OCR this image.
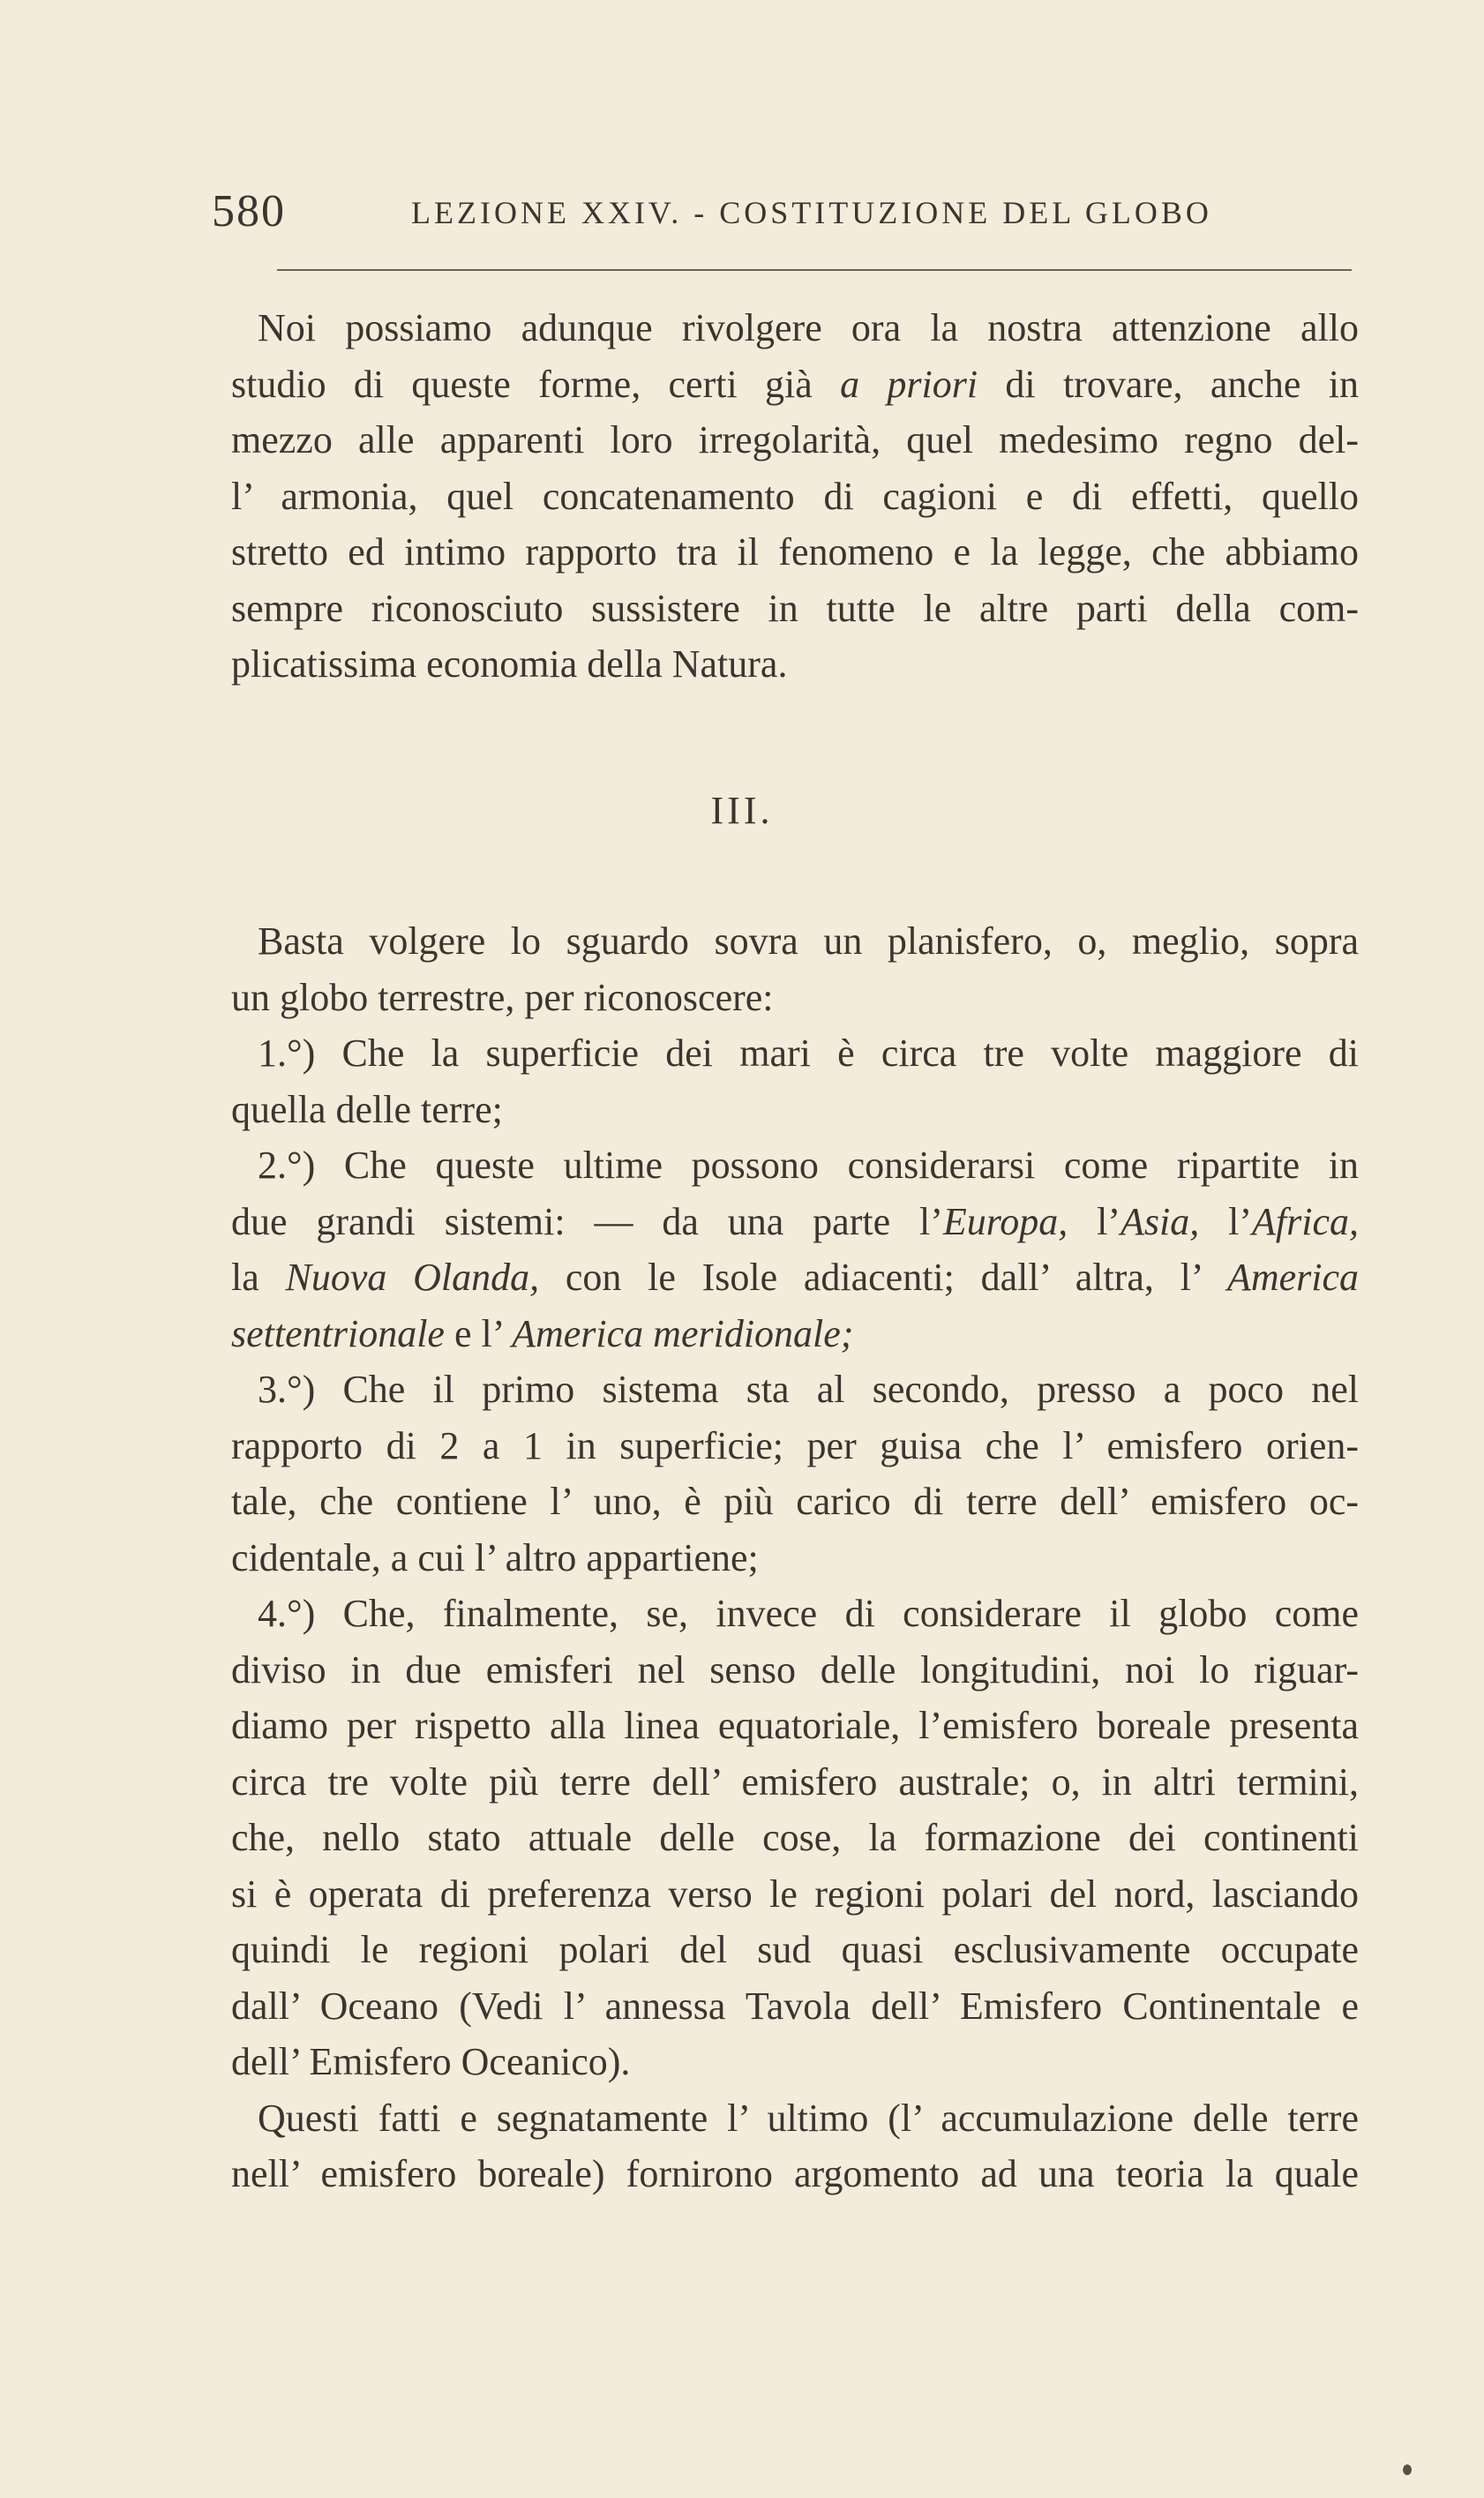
580	LEZIONE XXIV. - COSTITUZIONE DEL GLOBO
Noi possiamo adunque rivolgere ora la nostra attenzione allo
studio di queste forme, certi già a priori di trovare, anche in
mezzo alle apparenti loro irregolarità, quel medesimo regno del-
l’ armonia, quel concatenamento di cagioni e di effetti, quello
stretto ed intimo rapporto tra il fenomeno e la legge, che abbiamo
sempre riconosciuto sussistere in tutte le altre parti della com-
plicatissima economia della Natura.
III.
Basta volgere lo sguardo sovra un planisfero, o, meglio, sopra
un globo terrestre, per riconoscere:
1.°) Che la superficie dei mari è circa tre volte maggiore di
quella delle terre;
2.°) Che queste ultime possono considerarsi come ripartite in
due grandi sistemi: — da una parte l’Europa, l’Asia, l’Africa,
la Nuova Olanda, con le Isole adiacenti; dall’ altra, l’ America
settentrionale e l’ America meridionale;
3.°) Che il primo sistema sta al secondo, presso a poco nel
rapporto di 2 a 1 in superficie; per guisa che l’ emisfero orien-
tale, che contiene l’ uno, è più carico di terre dell’ emisfero oc-
cidentale, a cui l’ altro appartiene;
4.°) Che, finalmente, se, invece di considerare il globo come
diviso in due emisferi nel senso delle longitudini, noi lo riguar-
diamo per rispetto alla linea equatoriale, l’emisfero boreale presenta
circa tre volte più terre dell’ emisfero australe; o, in altri termini,
che, nello stato attuale delle cose, la formazione dei continenti
si è operata di preferenza verso le regioni polari del nord, lasciando
quindi le regioni polari del sud quasi esclusivamente occupate
dall’ Oceano (Vedi l’ annessa Tavola dell’ Emisfero Continentale e
dell’ Emisfero Oceanico).
Questi fatti e segnatamente l’ ultimo (l’ accumulazione delle terre
nell’ emisfero boreale) fornirono argomento ad una teoria la quale
